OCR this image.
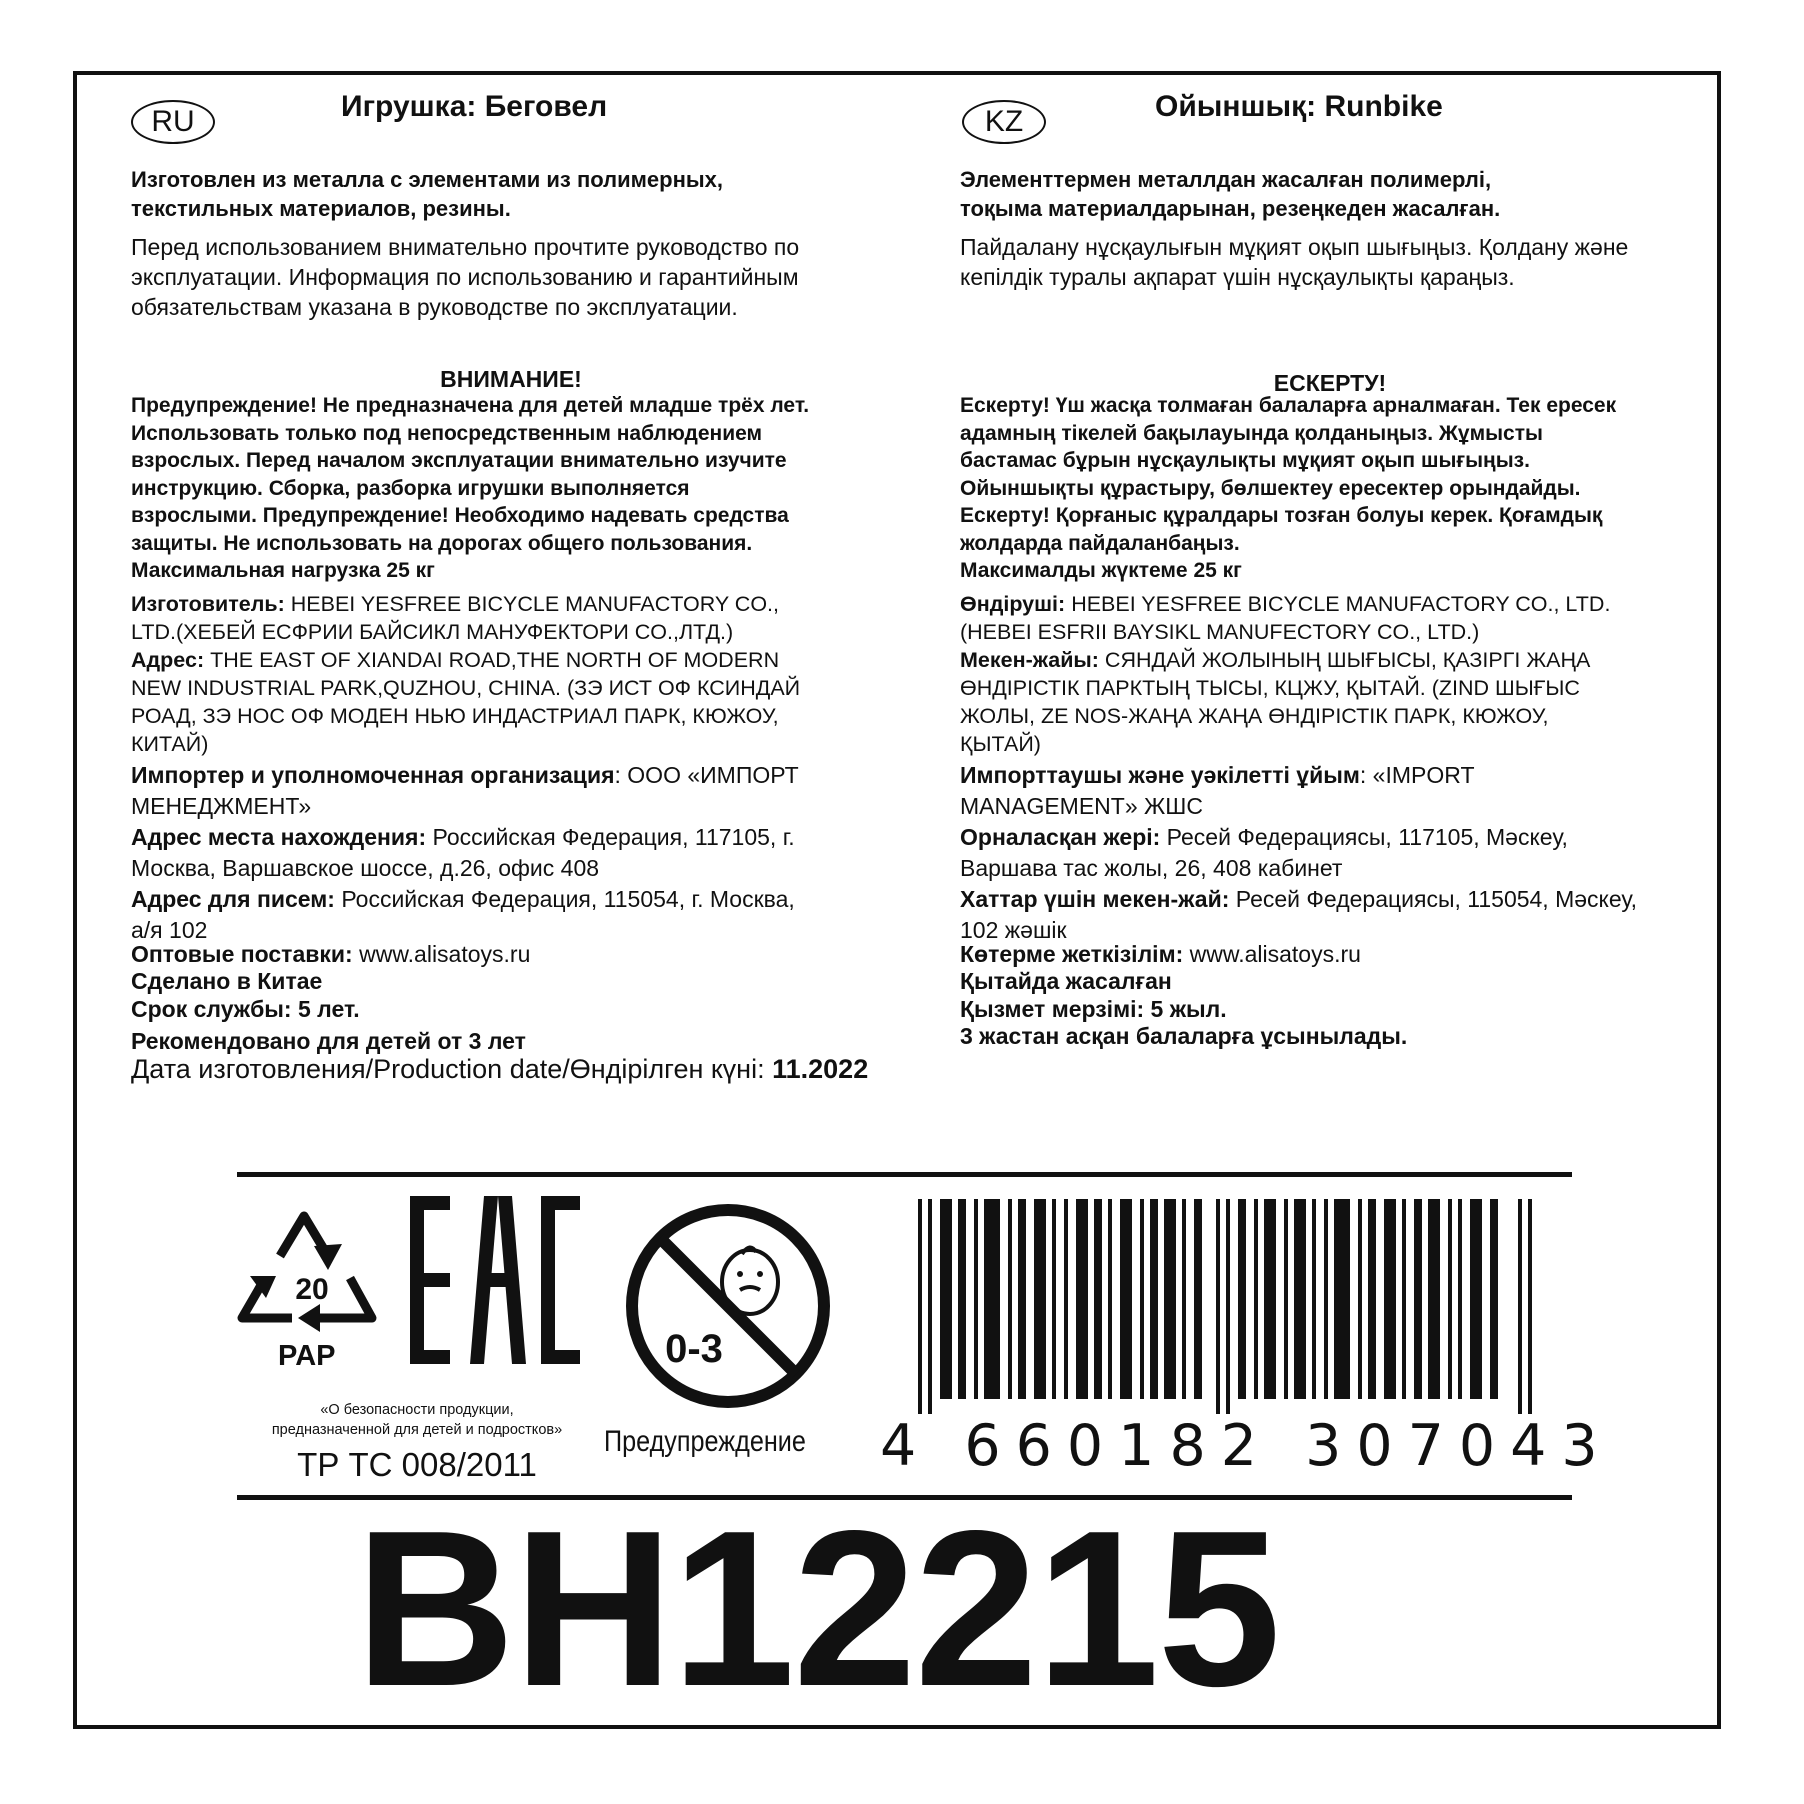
RU	Игрушка: Беговел

Изготовлен из металла с элементами из полимерных,
текстильных материалов, резины.

Перед использованием внимательно прочтите руководство по
эксплуатации. Информация по использованию и гарантийным
обязательствам указана в руководстве по эксплуатации.

ВНИМАНИЕ!

Предупреждение! Не предназначена для детей младше трёх лет.
Использовать только под непосредственным наблюдением
взрослых. Перед началом эксплуатации внимательно изучите
инструкцию. Сборка, разборка игрушки выполняется
взрослыми. Предупреждение! Необходимо надевать средства
защиты. Не использовать на дорогах общего пользования.
Максимальная нагрузка 25 кг

Изготовитель: HEBEI YESFREE BICYCLE MANUFACTORY CO.,
LTD.(ХЕБЕЙ ЕСФРИИ БАЙСИКЛ МАНУФЕКТОРИ CO.,ЛТД.)

Адрес: THE EAST OF XIANDAI ROAD,THE NORTH OF MODERN
NEW INDUSTRIAL PARK,QUZHOU, CHINA. (ЗЭ ИСТ ОФ КСИНДАЙ
РОАД, ЗЭ НОС ОФ МОДЕН НЬЮ ИНДАСТРИАЛ ПАРК, КЮЖОУ,
КИТАЙ)

Импортер и уполномоченная организация: ООО «ИМПОРТ
МЕНЕДЖМЕНТ»

Адрес места нахождения: Российская Федерация, 117105, г.
Москва, Варшавское шоссе, д.26, офис 408

Адрес для писем: Российская Федерация, 115054, г. Москва,
а/я 102

Оптовые поставки: www.alisatoys.ru

Сделано в Китае

Срок службы: 5 лет.

Рекомендовано для детей от 3 лет

Дата изготовления/Production date/Өндірілген күні: 11.2022

KZ	Ойыншық: Runbike

Элементтермен металлдан жасалған полимерлі,
тоқыма материалдарынан, резеңкеден жасалған.

Пайдалану нұсқаулығын мұқият оқып шығыңыз. Қолдану және
кепілдік туралы ақпарат үшін нұсқаулықты қараңыз.

ЕСКЕРТУ!

Ескерту! Үш жасқа толмаған балаларға арналмаған. Тек ересек
адамның тікелей бақылауында қолданыңыз. Жұмысты
бастамас бұрын нұсқаулықты мұқият оқып шығыңыз.
Ойыншықты құрастыру, бөлшектеу ересектер орындайды.
Ескерту! Қорғаныс құралдары тозған болуы керек. Қоғамдық
жолдарда пайдаланбаңыз.
Максималды жүктеме 25 кг

Өндіруші: HEBEI YESFREE BICYCLE MANUFACTORY CO., LTD.
(HEBEI ESFRII BAYSIKL MANUFECTORY CO., LTD.)

Мекен-жайы: СЯНДАЙ ЖОЛЫНЫҢ ШЫҒЫСЫ, ҚАЗІРГІ ЖАҢА
ӨНДІРІСТІК ПАРКТЫҢ ТЫСЫ, КЦЖУ, ҚЫТАЙ. (ZIND ШЫҒЫС
ЖОЛЫ, ZE NOS-ЖАҢА ЖАҢА ӨНДІРІСТІК ПАРК, КЮЖОУ,
ҚЫТАЙ)

Импорттаушы және уәкілетті ұйым: «IMPORT
MANAGEMENT» ЖШС

Орналасқан жері: Ресей Федерациясы, 117105, Мәскеу,
Варшава тас жолы, 26, 408 кабинет

Хаттар үшін мекен-жай: Ресей Федерациясы, 115054, Мәскеу,
102 жәшік

Көтерме жеткізілім: www.alisatoys.ru

Қытайда жасалған

Қызмет мерзімі: 5 жыл.

3 жастан асқан балаларға ұсынылады.

20
PAP
«О безопасности продукции,
предназначенной для детей и подростков»
ТР ТС 008/2011
0-3
Предупреждение 4 660182 307043
BH12215
